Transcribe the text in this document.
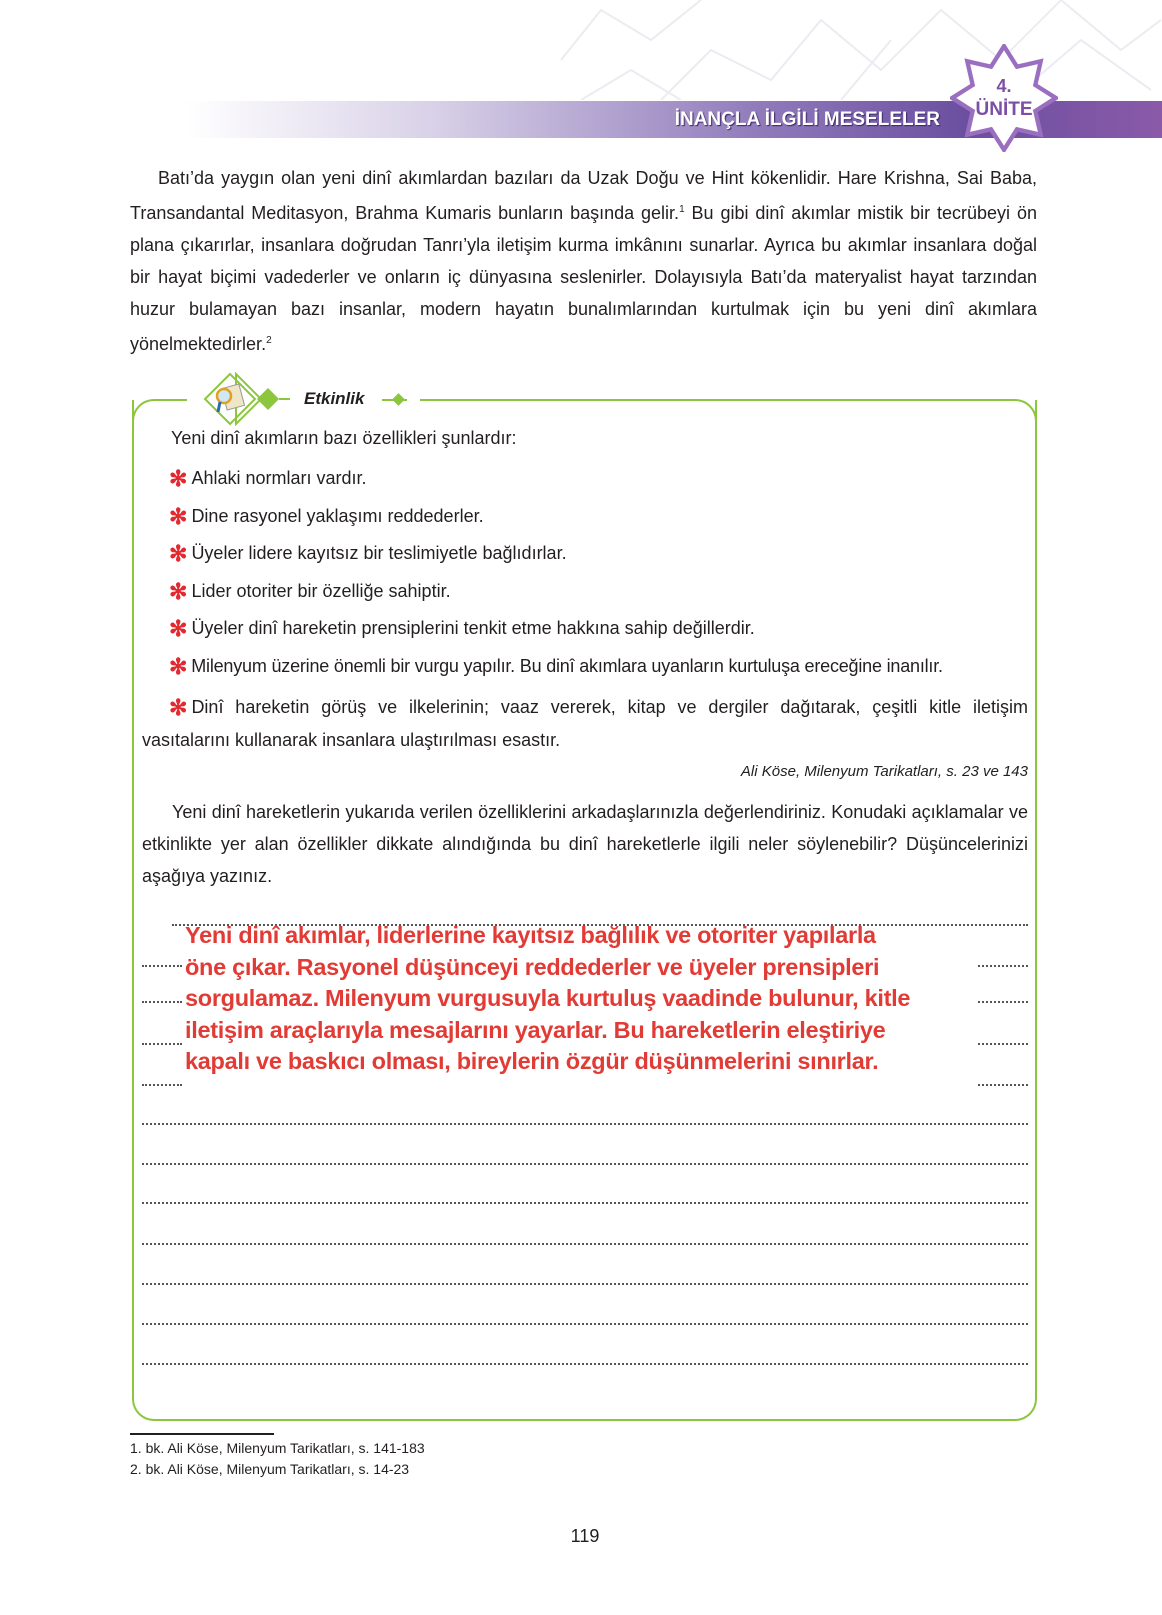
İNANÇLA İLGİLİ MESELELER
4.
ÜNİTE
Batı’da yaygın olan yeni dinî akımlardan bazıları da Uzak Doğu ve Hint kökenlidir. Hare Krishna, Sai Baba, Transandantal Meditasyon, Brahma Kumaris bunların başında gelir.$^1$ Bu gibi dinî akımlar mistik bir tecrübeyi ön plana çıkarırlar, insanlara doğrudan Tanrı’yla iletişim kurma imkânını sunarlar. Ayrıca bu akımlar insanlara doğal bir hayat biçimi vadederler ve onların iç dünyasına seslenirler. Dolayısıyla Batı’da materyalist hayat tarzından huzur bulamayan bazı insanlar, modern hayatın bunalımlarından kurtulmak için bu yeni dinî akımlara yönelmektedirler.$^2$
Etkinlik
Yeni dinî akımların bazı özellikleri şunlardır:
✻ Ahlaki normları vardır.
✻ Dine rasyonel yaklaşımı reddederler.
✻ Üyeler lidere kayıtsız bir teslimiyetle bağlıdırlar.
✻ Lider otoriter bir özelliğe sahiptir.
✻ Üyeler dinî hareketin prensiplerini tenkit etme hakkına sahip değillerdir.
✻ Milenyum üzerine önemli bir vurgu yapılır. Bu dinî akımlara uyanların kurtuluşa ereceğine inanılır.
✻ Dinî hareketin görüş ve ilkelerinin; vaaz vererek, kitap ve dergiler dağıtarak, çeşitli kitle iletişim vasıtalarını kullanarak insanlara ulaştırılması esastır.
Ali Köse, Milenyum Tarikatları, s. 23 ve 143
Yeni dinî hareketlerin yukarıda verilen özelliklerini arkadaşlarınızla değerlendiriniz. Konudaki açıklamalar ve etkinlikte yer alan özellikler dikkate alındığında bu dinî hareketlerle ilgili neler söylenebilir? Düşüncelerinizi aşağıya yazınız.
Yeni dinî akımlar, liderlerine kayıtsız bağlılık ve otoriter yapılarla
öne çıkar. Rasyonel düşünceyi reddederler ve üyeler prensipleri
sorgulamaz. Milenyum vurgusuyla kurtuluş vaadinde bulunur, kitle
iletişim araçlarıyla mesajlarını yayarlar. Bu hareketlerin eleştiriye
kapalı ve baskıcı olması, bireylerin özgür düşünmelerini sınırlar.
1. bk. Ali Köse, Milenyum Tarikatları, s. 141-183
2. bk. Ali Köse, Milenyum Tarikatları, s. 14-23
119
